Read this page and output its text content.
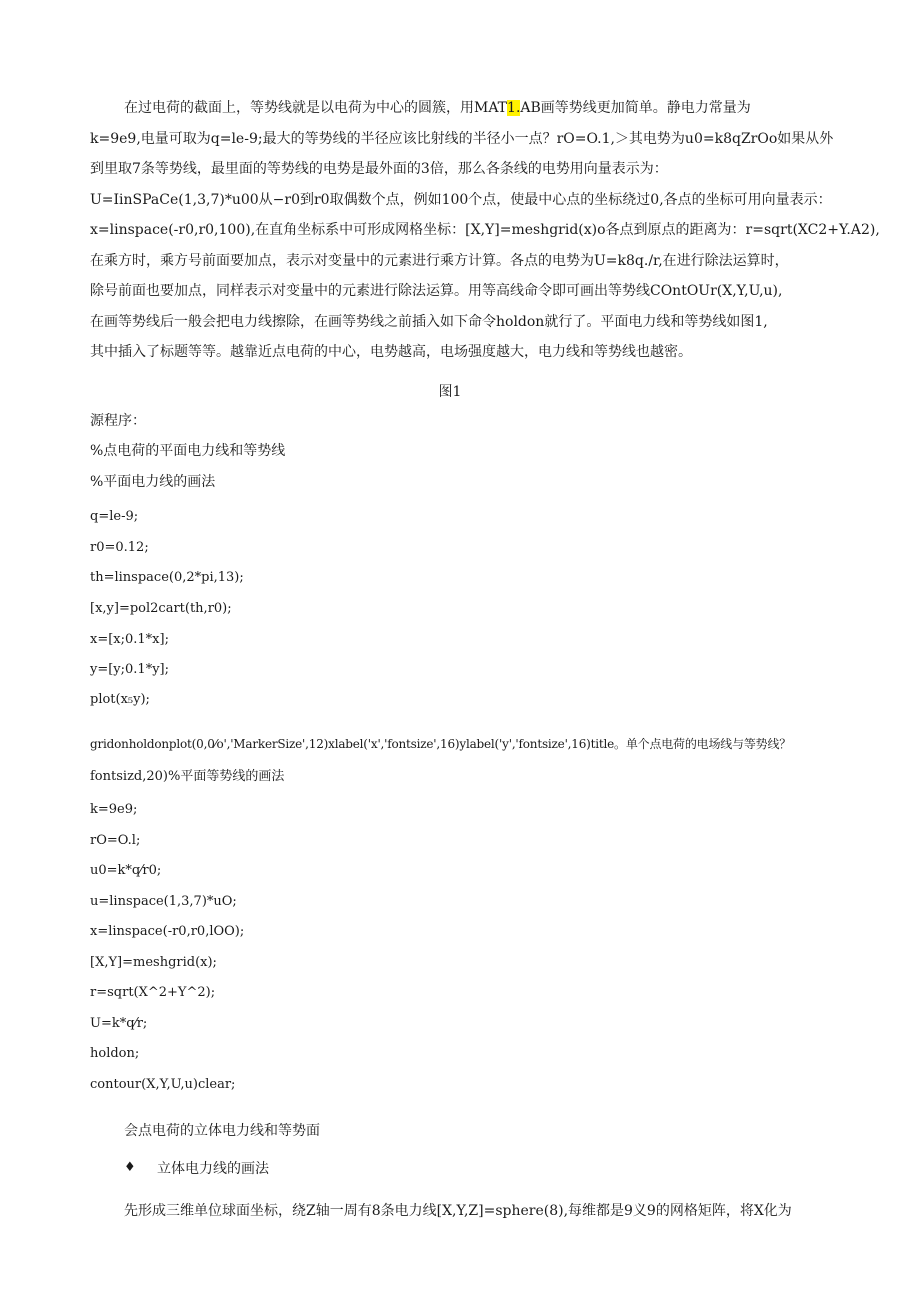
在过电荷的截面上，等势线就是以电荷为中心的圆簇，用MAT1.AB画等势线更加简单。静电力常量为
k=9e9,电量可取为q=le-9;最大的等势线的半径应该比射线的半径小一点？rO=O.1,＞其电势为u0=k8qZrOo如果从外
到里取7条等势线，最里面的等势线的电势是最外面的3倍，那么各条线的电势用向量表示为：
U=IinSPaCe(1,3,7)*u00从−r0到r0取偶数个点，例如100个点，使最中心点的坐标绕过0,各点的坐标可用向量表示：
x=linspace(-r0,r0,100),在直角坐标系中可形成网格坐标：[X,Y]=meshgrid(x)o各点到原点的距离为：r=sqrt(XC2+Y.A2),
在乘方时，乘方号前面要加点，表示对变量中的元素进行乘方计算。各点的电势为U=k8q./r,在进行除法运算时，
除号前面也要加点，同样表示对变量中的元素进行除法运算。用等高线命令即可画出等势线COntOUr(X,Y,U,u),
在画等势线后一般会把电力线擦除，在画等势线之前插入如下命令holdon就行了。平面电力线和等势线如图1,
其中插入了标题等等。越靠近点电荷的中心，电势越高，电场强度越大，电力线和等势线也越密。

图1

源程序：

%点电荷的平面电力线和等势线

%平面电力线的画法

q=le-9;

r0=0.12;

th=linspace(0,2*pi,13);

[x,y]=pol2cart(th,r0);

x=[x;0.1*x];

y=[y;0.1*y];

plot(x₅y);

gridonholdonplot(0,0⁄o','MarkerSize',12)xlabel('x','fontsize',16)ylabel('y','fontsize',16)title。单个点电荷的电场线与等势线？

fontsizd,20)%平面等势线的画法

k=9e9;

rO=O.l;

u0=k*q⁄r0;

u=linspace(1,3,7)*uO;

x=linspace(-r0,r0,lOO);

[X,Y]=meshgrid(x);

r=sqrt(X^2+Y^2);

U=k*q⁄r;

holdon;

contour(X,Y,U,u)clear;

会点电荷的立体电力线和等势面

♦ 立体电力线的画法

先形成三维单位球面坐标，绕Z轴一周有8条电力线[X,Y,Z]=sphere(8),每维都是9义9的网格矩阵，将X化为
